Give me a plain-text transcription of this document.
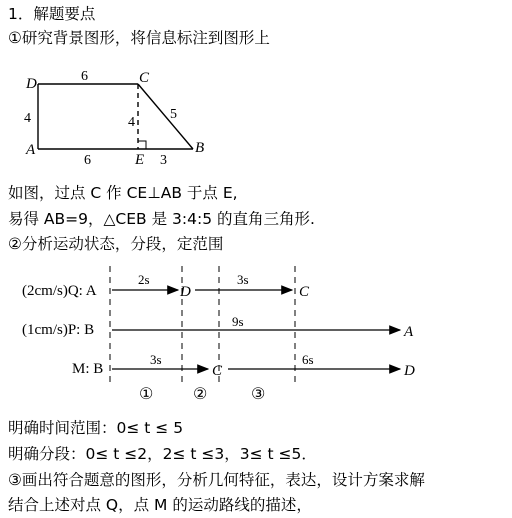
1．解题要点
①研究背景图形，将信息标注到图形上
D	C
A
E
B
6
4	4
5
6	3
如图，过点 C 作 CE⊥AB 于点 E,
易得 AB=9，△CEB 是 3:4:5 的直角三角形.
②分析运动状态，分段，定范围
(2cm/s)Q: A
2s
D
3s
C
(1cm/s)P: B
9s
A
M: B
3s
C
6s
D
① ②	③
明确时间范围：0≤ t ≤ 5
明确分段：0≤ t ≤2，2≤ t ≤3，3≤ t ≤5．
③画出符合题意的图形，分析几何特征，表达，设计方案求解
结合上述对点 Q，点 M 的运动路线的描述，
